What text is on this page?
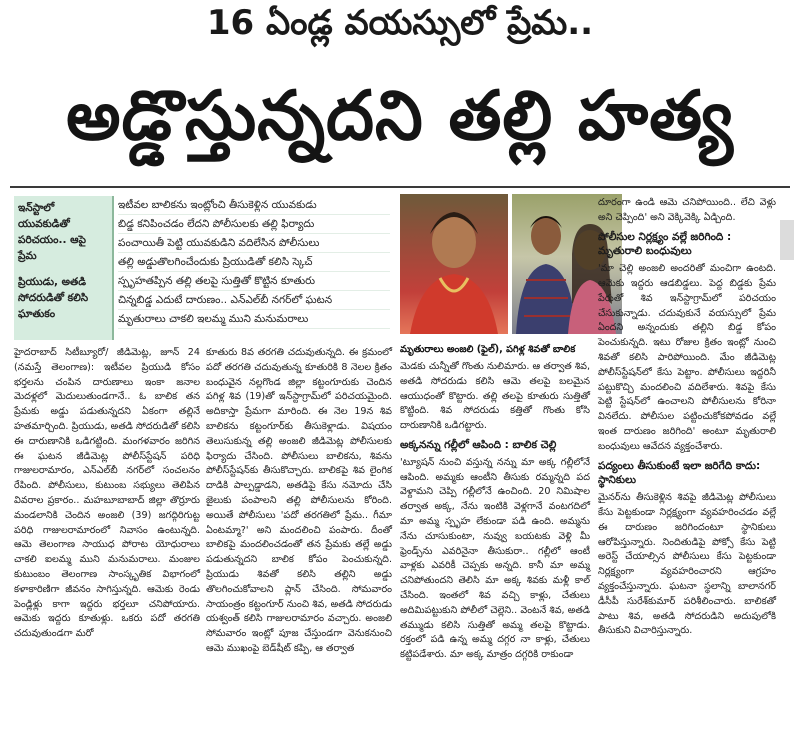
16 ఏండ్ల వయస్సులో ప్రేమ..
అడ్డొస్తున్నదని తల్లి హత్య
ఇన్‌స్టాలో యువకుడితో పరిచయం.. ఆపై ప్రేమ
ప్రియుడు, అతడి సోదరుడితో కలిసి ఘాతుకం
ఇటీవల బాలికను ఇంట్లోంచి తీసుకెళ్లిన యువకుడు
బిడ్డ కనిపించడం లేదని పోలీసులకు తల్లి ఫిర్యాదు
పంచాయితీ పెట్టి యువకుడిని వదిలేసిన పోలీసులు
తల్లి అడ్డుతొలగించేందుకు ప్రియుడితో కలిసి స్కెచ్
స్పృహతప్పిన తల్లి తలపై సుత్తితో కొట్టిన కూతురు
చిన్నబిడ్డ ఎదుటే దారుణం.. ఎన్‌ఎల్‌బీ నగర్‌లో ఘటన
మృతురాలు చాకలి ఇలమ్మ ముని మనుమరాలు

హైదరాబాద్‌ సిటీబ్యూరో/ జీడిమెట్ల, జూన్‌ 24 (నమస్తే తెలంగాణ): ఇటీవల ప్రియుడి కోసం భర్తలను చంపిన దారుణాలు ఇంకా జనాల మెదళ్లలో మెదులుతుండగానే.. ఓ బాలిక తన ప్రేమకు అడ్డు పడుతున్నదని ఏకంగా తల్లినే హతమార్చింది. ప్రియుడు, అతడి సోదరుడితో కలిసి ఈ దారుణానికి ఒడిగట్టింది. మంగళవారం జరిగిన ఈ ఘటన జీడిమెట్ల పోలీస్‌స్టేషన్‌ పరిధి గాజులరామారం, ఎన్‌ఎల్‌బీ నగర్‌లో సంచలనం రేపింది. పోలీసులు, కుటుంబ సభ్యులు తెలిపిన వివరాల ప్రకారం.. మహబూబాబాద్‌ జిల్లా తొర్రూరు మండలానికి చెందిన అంజలి (39) జగద్గిరిగుట్ట పరిధి గాజులరామారంలో నివాసం ఉంటున్నది. ఆమె తెలంగాణ సాయుధ పోరాట యోధురాలు చాకలి ఐలమ్మ ముని మనుమరాలు. మంజుల కుటుంబం తెలంగాణ సాంస్కృతిక విభాగంలో కళాకారిణిగా జీవనం సాగిస్తున్నది. ఆమెకు రెండు పెండ్లిళ్లు కాగా ఇద్దరు భర్తలూ చనిపోయారు. ఆమెకు ఇద్దరు కూతుళ్లు. ఒకరు పదో తరగతి చదువుతుండగా మరో

కూతురు 8వ తరగతి చదువుతున్నది. ఈ క్రమంలో పదో తరగతి చదువుతున్న కూతురికి 8 నెలల క్రితం బంధువైన నల్లగొండ జిల్లా కట్టంగూరుకు చెందిన పగిళ్ల శివ (19)తో ఇన్‌స్టాగ్రామ్‌లో పరిచయమైంది. అదికాస్తా ప్రేమగా మారింది. ఈ నెల 19న శివ బాలికను కట్టంగూర్‌కు తీసుకెళ్లాడు. విషయం తెలుసుకున్న తల్లి అంజలి జీడిమెట్ల పోలీసులకు ఫిర్యాదు చేసింది. పోలీసులు బాలికను, శివను పోలీస్‌స్టేషన్‌కు తీసుకొచ్చారు. బాలికపై శివ లైంగిక దాడికి పాల్పడ్డాడని, అతడిపై కేసు నమోదు చేసి జైలుకు పంపాలని తల్లి పోలీసులను కోరింది. అయితే పోలీసులు 'పదో తరగతిలో ప్రేమ.. గీమా ఏంటమ్మా?' అని మందలించి పంపారు. దీంతో బాలికపై మందలించడంతో తన ప్రేమకు తల్లే అడ్డు పడుతున్నదని బాలిక కోపం పెంచుకున్నది. ప్రియుడు శివతో కలిసి తల్లిని అడ్డు తొలగించుకోవాలని ప్లాన్‌ చేసింది. సోమవారం సాయంత్రం కట్టంగూర్‌ నుంచి శివ, అతడి సోదరుడు యశ్వంత్‌ కలిసి గాజులరామారం వచ్చారు. అంజలి సోమవారం ఇంట్లో పూజ చేస్తుండగా వెనుకనుంచి ఆమె ముఖంపై బెడ్‌షీట్‌ కప్పి, ఆ తర్వాత

మృతురాలు అంజలి (ఫైల్‌), పగిళ్ల శివతో బాలిక

మెడకు చున్నీతో గొంతు నులిమారు. ఆ తర్వాత శివ, అతడి సోదరుడు కలిసి ఆమె తలపై బలమైన ఆయుధంతో కొట్టారు. తల్లి తలపై కూతురు సుత్తితో కొట్టింది. శివ సోదరుడు కత్తితో గొంతు కోసి దారుణానికి ఒడిగట్టారు.

అక్కనన్ను గల్లీలో ఆపింది : బాలిక చెల్లి

'ట్యూషన్‌ నుంచి వస్తున్న నన్ను మా అక్క గల్లీలోనే ఆపింది. అమ్మకు ఆంటీని తీసుకు రమ్మన్నది పద వెళ్దామని చెప్పి గల్లీలోనే ఉంచింది. 20 నిమిషాల తర్వాత అక్క, నేను ఇంటికి వెళ్లగానే వంటగదిలో మా అమ్మ స్పృహ లేకుండా పడి ఉంది. అమ్మను నేను చూసుకుంటా, నువ్వు బయటకు వెళ్లి మీ ఫ్రెండ్స్‌ను ఎవరినైనా తీసుకురా.. గల్లీలో ఆంటీ వాళ్లకు ఎవరికీ చెప్పకు అన్నది. కానీ మా అమ్మ చనిపోతుందని తెలిసి మా అక్క శివకు మళ్లీ కాల్‌ చేసింది. ఇంతలో శివ వచ్చి కాళ్లు, చేతులు అదిమిపట్టుకుని పోలీలో చెల్లెని.. వెంటనే శివ, అతడి తమ్ముడు కలిసి సుత్తితో అమ్మ తలపై కొట్టాడు. రక్తంలో పడి ఉన్న అమ్మ దగ్గర నా కాళ్లు, చేతులు కట్టిపడేశారు. మా అక్క మాత్రం దగ్గరికి రాకుండా

దూరంగా ఉండి ఆమె చనిపోయింది.. లేచి వెళ్లు అని చెప్పింది' అని వెక్కివెక్కి ఏడ్చింది.

పోలీసుల నిర్లక్ష్యం వల్లే జరిగింది : మృతురాలి బంధువులు

'మా చెల్లి అంజలి అందరితో మంచిగా ఉంటది. ఆమెకు ఇద్దరు ఆడబిడ్డలు. పెద్ద బిడ్డకు ప్రేమ పేరుతో శివ ఇన్‌స్టాగ్రామ్‌లో పరిచయం చేసుకున్నాడు. చదువుకునే వయస్సులో ప్రేమ ఏందని అన్నందుకు తల్లిని బిడ్డ కోపం పెంచుకున్నది. ఇటు రోజుల క్రితం ఇంట్లో నుంచి శివతో కలిసి పారిపోయింది. మేం జీడిమెట్ల పోలీస్‌స్టేషన్‌లో కేసు పెట్టాం. పోలీసులు ఇద్దరినీ పట్టుకొచ్చి మందలించి వదిలేశారు. శివపై కేసు పెట్టి స్టేషన్‌లో ఉంచాలని పోలీసులను కోరినా వినలేదు. పోలీసుల పట్టించుకోకపోవడం వల్లే ఇంత దారుణం జరిగింది' అంటూ మృతురాలి బంధువులు ఆవేదన వ్యక్తంచేశారు.

పద్యంలు తీసుకుంటే ఇలా జరిగేది కాదు: స్థానికులు

మైనర్‌ను తీసుకెళ్లిన శివపై జీడిమెట్ల పోలీసులు కేసు పెట్టకుండా నిర్లక్ష్యంగా వ్యవహరించడం వల్లే ఈ దారుణం జరిగిందంటూ స్థానికులు ఆరోపిస్తున్నారు. నిందితుడిపై పోక్సో కేసు పెట్టి అరెస్ట్‌ చేయాల్సిన పోలీసులు కేసు పెట్టకుండా నిర్లక్ష్యంగా వ్యవహరించారని ఆగ్రహం వ్యక్తంచేస్తున్నారు. ఘటనా స్థలాన్ని బాలానగర్‌ డీసీపీ సురేశ్‌కుమార్‌ పరిశీలించారు. బాలికతో పాటు శివ, అతడి సోదరుడిని అదుపులోకి తీసుకుని విచారిస్తున్నారు.
